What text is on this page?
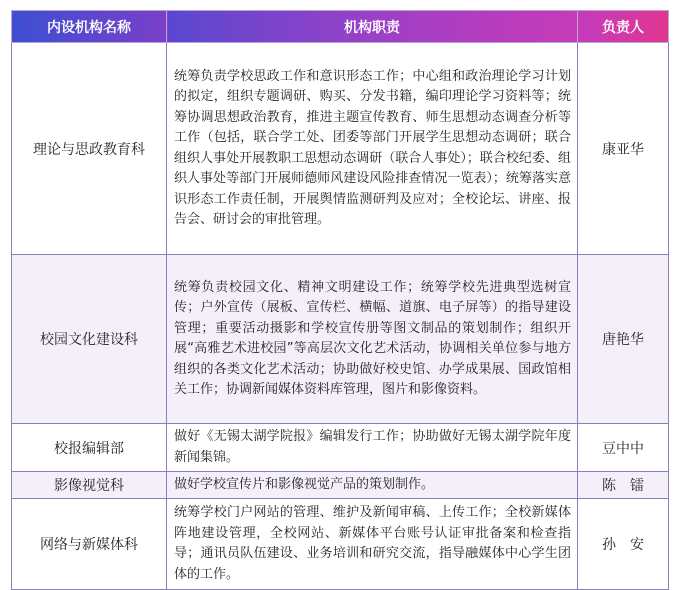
内设机构名称	机构职责	负责人
理论与思政教育科	统筹负责学校思政工作和意识形态工作；中心组和政治理论学习计划的拟定，组织专题调研、购买、分发书籍，编印理论学习资料等；统筹协调思想政治教育，推进主题宣传教育、师生思想动态调查分析等工作（包括，联合学工处、团委等部门开展学生思想动态调研；联合组织人事处开展教职工思想动态调研（联合人事处）；联合校纪委、组织人事处等部门开展师德师风建设风险排查情况一览表）；统筹落实意识形态工作责任制，开展舆情监测研判及应对；全校论坛、讲座、报告会、研讨会的审批管理。	康亚华
校园文化建设科	统筹负责校园文化、精神文明建设工作；统筹学校先进典型选树宣传；户外宣传（展板、宣传栏、横幅、道旗、电子屏等）的指导建设管理；重要活动摄影和学校宣传册等图文制品的策划制作；组织开展“高雅艺术进校园”等高层次文化艺术活动，协调相关单位参与地方组织的各类文化艺术活动；协助做好校史馆、办学成果展、国政馆相关工作；协调新闻媒体资料库管理，图片和影像资料。	唐艳华
校报编辑部	做好《无锡太湖学院报》编辑发行工作；协助做好无锡太湖学院年度新闻集锦。	豆中中
影像视觉科	做好学校宣传片和影像视觉产品的策划制作。	陈　镭
网络与新媒体科	统筹学校门户网站的管理、维护及新闻审稿、上传工作；全校新媒体阵地建设管理，全校网站、新媒体平台账号认证审批备案和检查指导；通讯员队伍建设、业务培训和研究交流，指导融媒体中心学生团体的工作。	孙　安
